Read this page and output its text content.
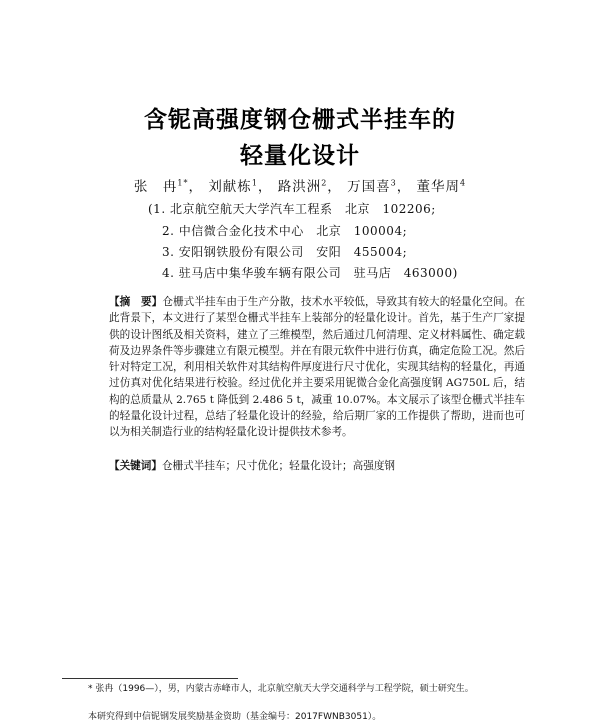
含铌高强度钢仓栅式半挂车的
轻量化设计
张　冉$^{1*}$， 刘献栋$^1$， 路洪洲$^2$， 万国喜$^3$， 董华周$^4$
(1. 北京航空航天大学汽车工程系　北京　102206;
2. 中信微合金化技术中心　北京　100004;
3. 安阳钢铁股份有限公司　安阳　455004;
4. 驻马店中集华骏车辆有限公司　驻马店　463000)
【摘　要】仓栅式半挂车由于生产分散，技术水平较低，导致其有较大的轻量化空间。在此背景下，本文进行了某型仓栅式半挂车上装部分的轻量化设计。首先，基于生产厂家提供的设计图纸及相关资料，建立了三维模型，然后通过几何清理、定义材料属性、确定载荷及边界条件等步骤建立有限元模型。并在有限元软件中进行仿真，确定危险工况。然后针对特定工况，利用相关软件对其结构件厚度进行尺寸优化，实现其结构的轻量化，再通过仿真对优化结果进行校验。经过优化并主要采用铌微合金化高强度钢 AG750L 后，结构的总质量从 2.765 t 降低到 2.486 5 t，减重 10.07%。本文展示了该型仓栅式半挂车的轻量化设计过程，总结了轻量化设计的经验，给后期厂家的工作提供了帮助，进而也可以为相关制造行业的结构轻量化设计提供技术参考。
【关键词】仓栅式半挂车；尺寸优化；轻量化设计；高强度钢
* 张冉（1996—），男，内蒙古赤峰市人，北京航空航天大学交通科学与工程学院，硕士研究生。
本研究得到中信铌钢发展奖励基金资助（基金编号：2017FWNB3051）。
